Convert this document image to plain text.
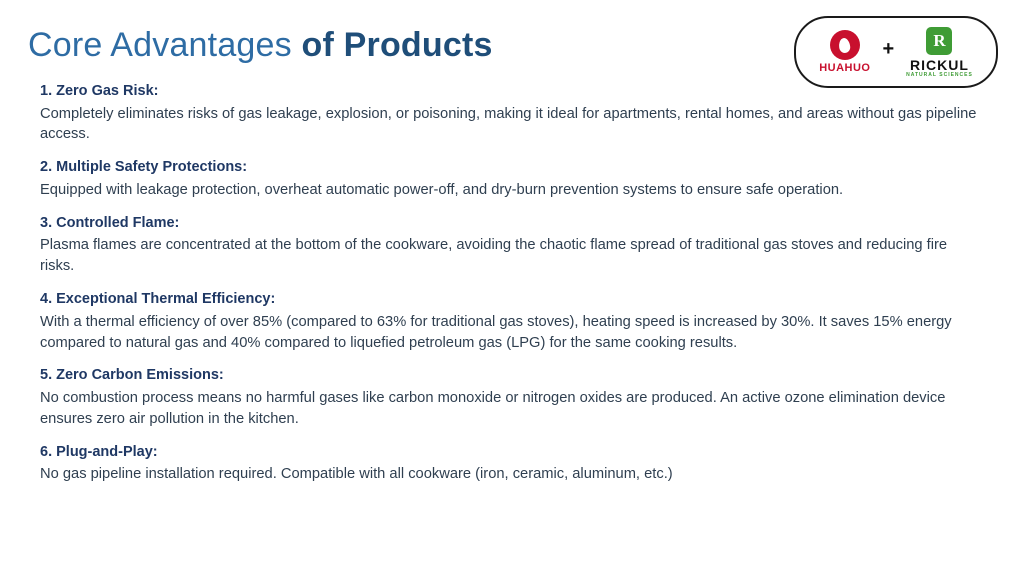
Core Advantages of Products
HUAHUO
+	R
RICKUL
NATURAL SCIENCES
1. Zero Gas Risk:
Completely eliminates risks of gas leakage, explosion, or poisoning, making it ideal for apartments, rental homes, and areas without gas pipeline access.
2. Multiple Safety Protections:
Equipped with leakage protection, overheat automatic power-off, and dry-burn prevention systems to ensure safe operation.
3. Controlled Flame:
Plasma flames are concentrated at the bottom of the cookware, avoiding the chaotic flame spread of traditional gas stoves and reducing fire risks.
4. Exceptional Thermal Efficiency:
With a thermal efficiency of over 85% (compared to 63% for traditional gas stoves), heating speed is increased by 30%. It saves 15% energy compared to natural gas and 40% compared to liquefied petroleum gas (LPG) for the same cooking results.
5. Zero Carbon Emissions:
No combustion process means no harmful gases like carbon monoxide or nitrogen oxides are produced. An active ozone elimination device ensures zero air pollution in the kitchen.
6. Plug-and-Play:
No gas pipeline installation required. Compatible with all cookware (iron, ceramic, aluminum, etc.)
